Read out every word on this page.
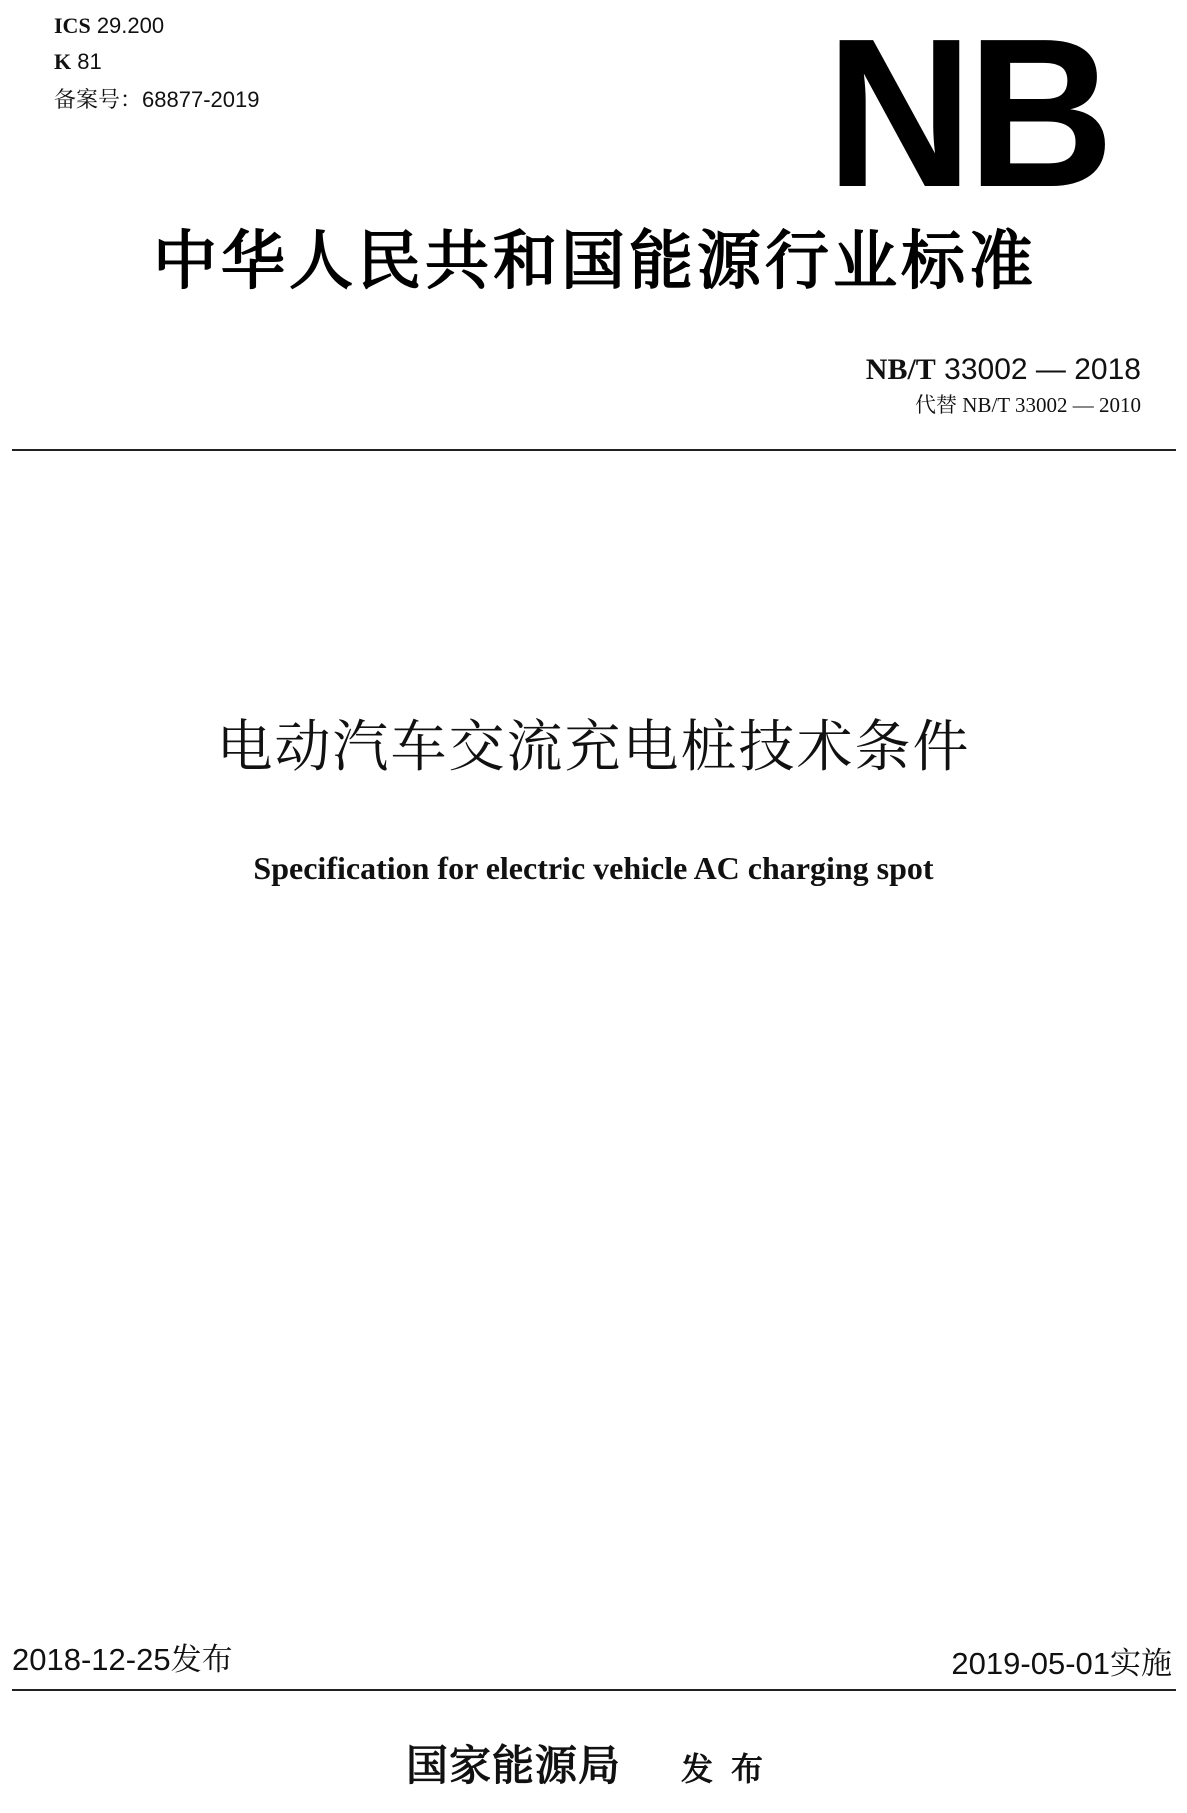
ICS 29.200
K 81
备案号：68877-2019	NB
中华人民共和国能源行业标准
NB/T 33002 — 2018
代替 NB/T 33002 — 2010
电动汽车交流充电桩技术条件
Specification for electric vehicle AC charging spot
2018-12-25发布	2019-05-01实施
国家能源局 发布
